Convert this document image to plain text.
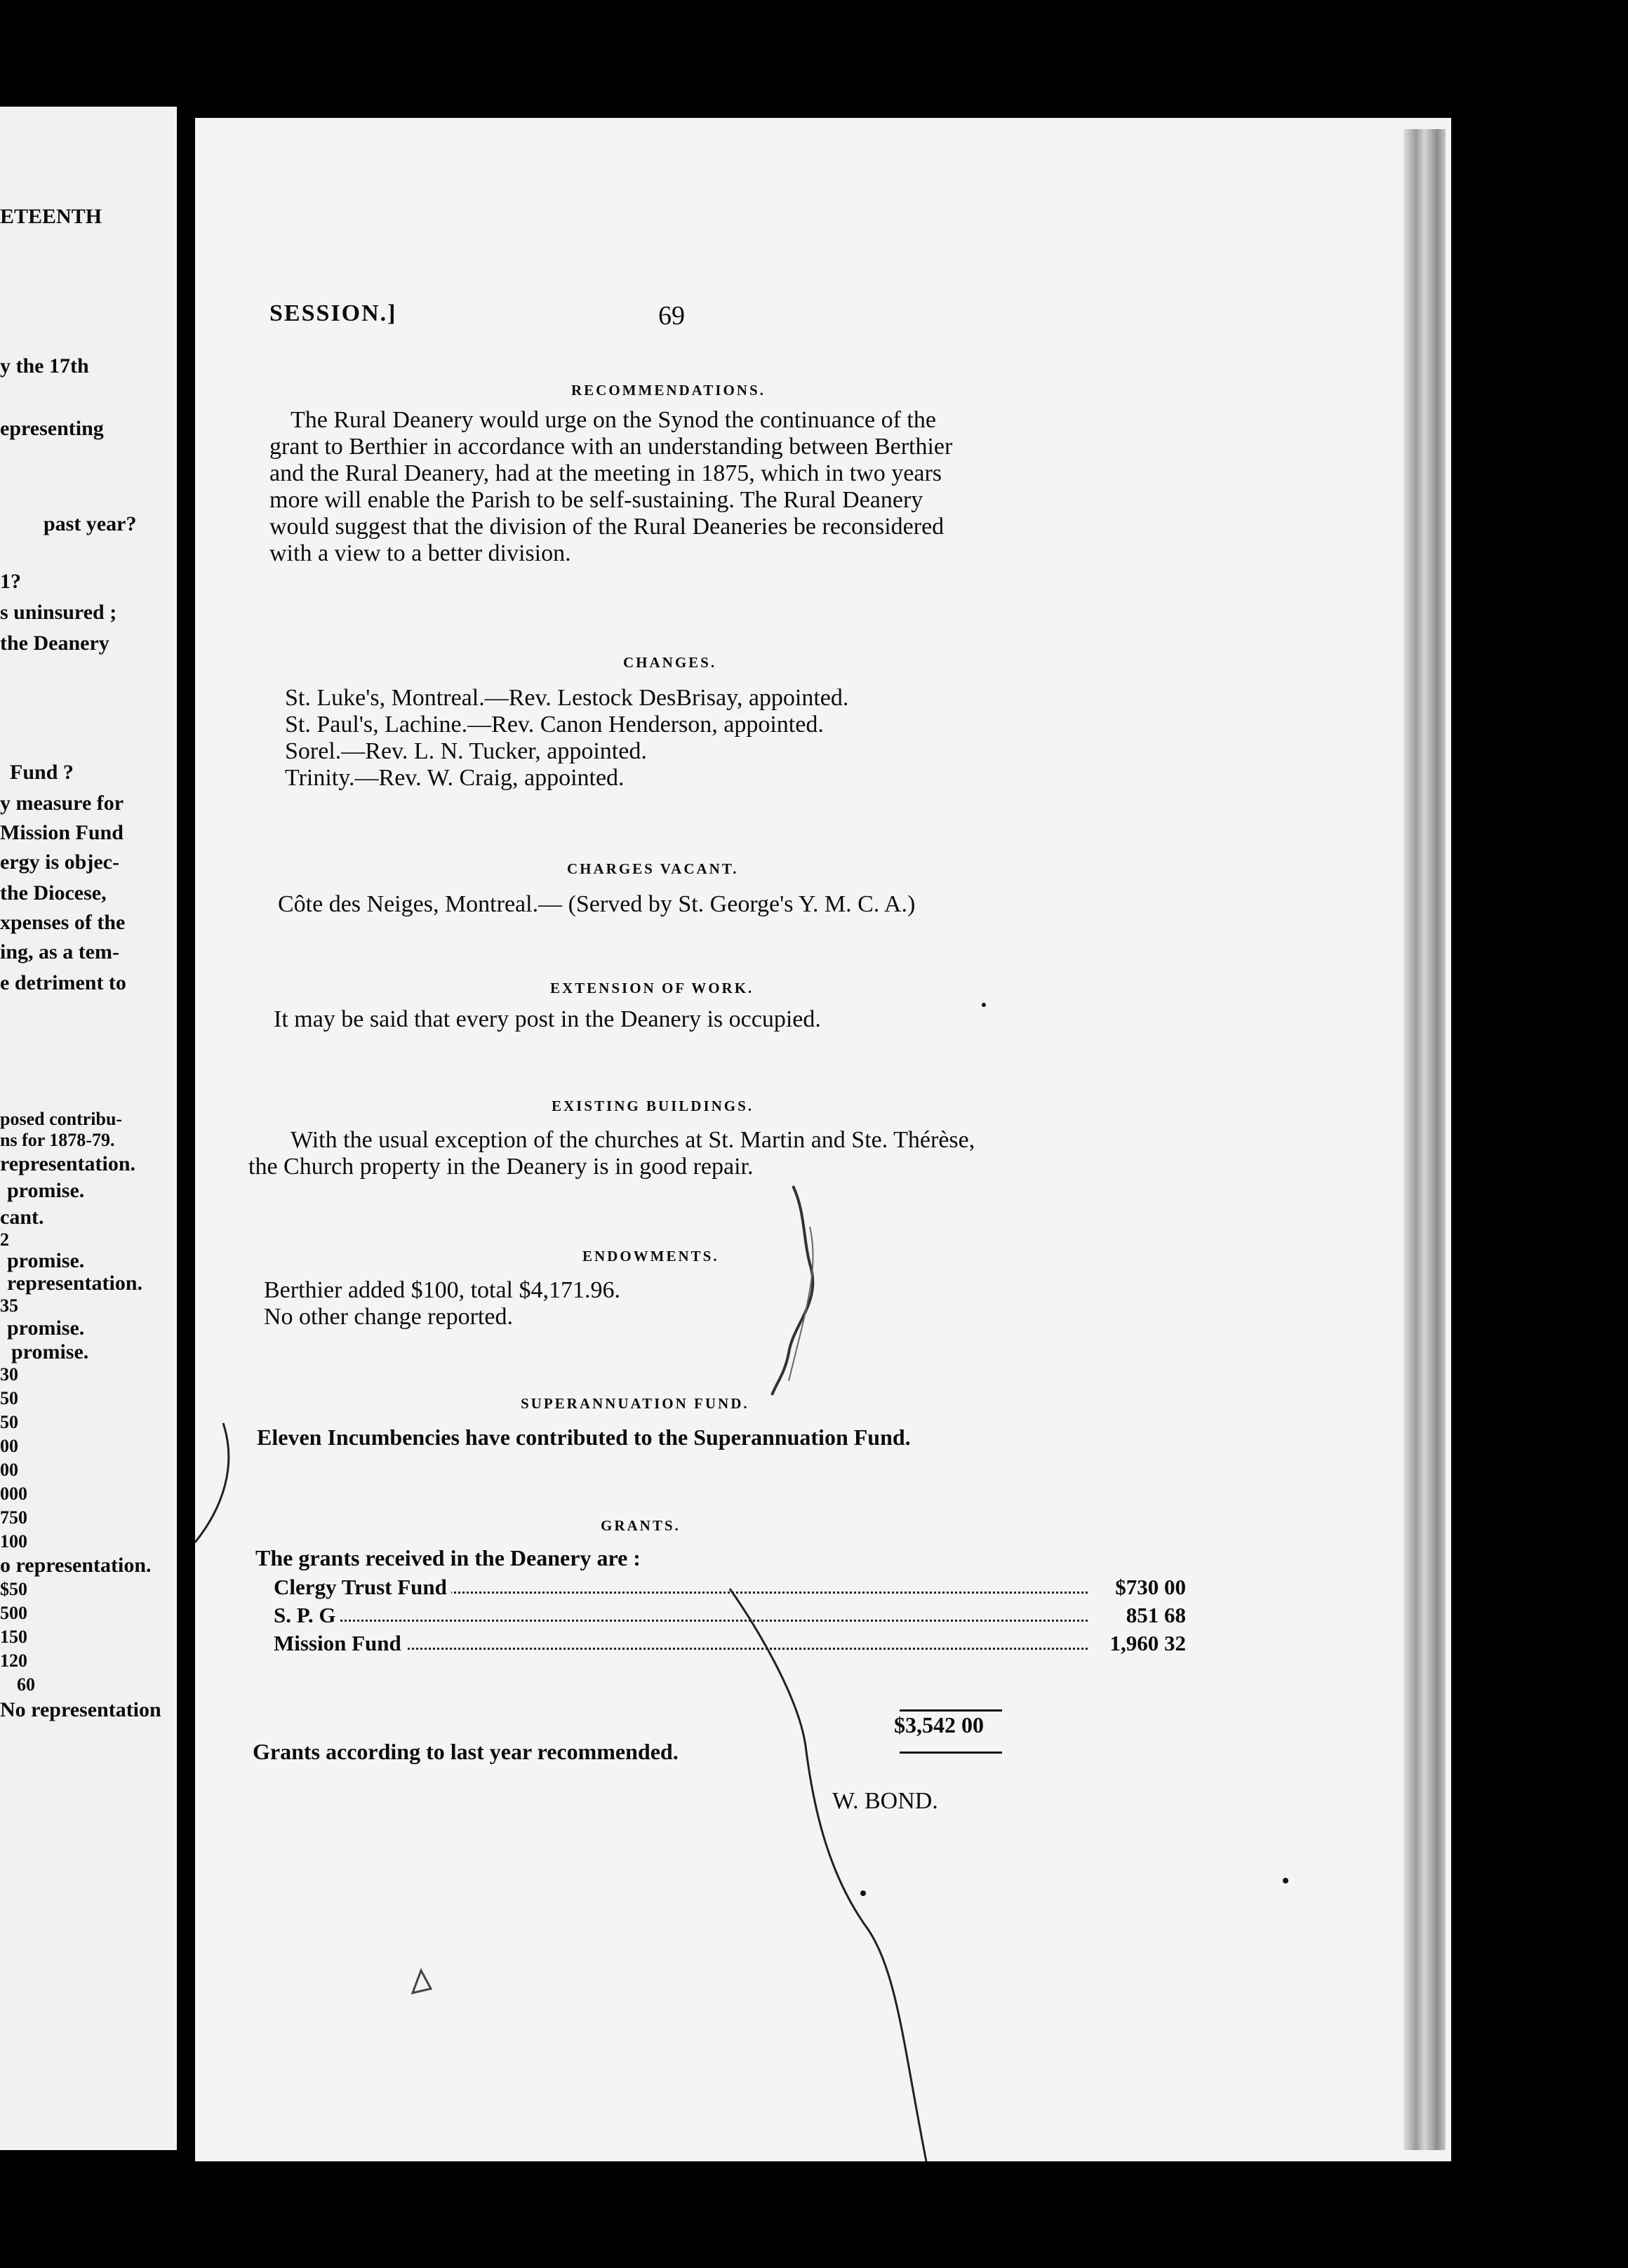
ETEENTH
y the 17th
epresenting
past year?
1?
s uninsured ;
the Deanery
Fund ?
y measure for
Mission Fund
ergy is objec-
the Diocese,
xpenses of the
ing, as a tem-
e detriment to
posed contribu-
ns for 1878-79.
representation.
promise.
cant.
2
promise.
representation.
35
promise.
promise.
30
50
50
00
00
000
750
100
o representation.
$50
500
150
120
60
No representation
SESSION.]	69
RECOMMENDATIONS.
The Rural Deanery would urge on the Synod the continuance of the
grant to Berthier in accordance with an understanding between Berthier
and the Rural Deanery, had at the meeting in 1875, which in two years
more will enable the Parish to be self-sustaining. The Rural Deanery
would suggest that the division of the Rural Deaneries be reconsidered
with a view to a better division.
CHANGES.
St. Luke's, Montreal.—Rev. Lestock DesBrisay, appointed.
St. Paul's, Lachine.—Rev. Canon Henderson, appointed.
Sorel.—Rev. L. N. Tucker, appointed.
Trinity.—Rev. W. Craig, appointed.
CHARGES VACANT.
Côte des Neiges, Montreal.— (Served by St. George's Y. M. C. A.)
EXTENSION OF WORK.
It may be said that every post in the Deanery is occupied.
EXISTING BUILDINGS.
With the usual exception of the churches at St. Martin and Ste. Thérèse,
the Church property in the Deanery is in good repair.
ENDOWMENTS.
Berthier added $100, total $4,171.96.
No other change reported.
SUPERANNUATION FUND.
Eleven Incumbencies have contributed to the Superannuation Fund.
GRANTS.
The grants received in the Deanery are :
Clergy Trust Fund	$730 00
S. P. G	851 68
Mission Fund	1,960 32
$3,542 00
Grants according to last year recommended.
W. BOND.
